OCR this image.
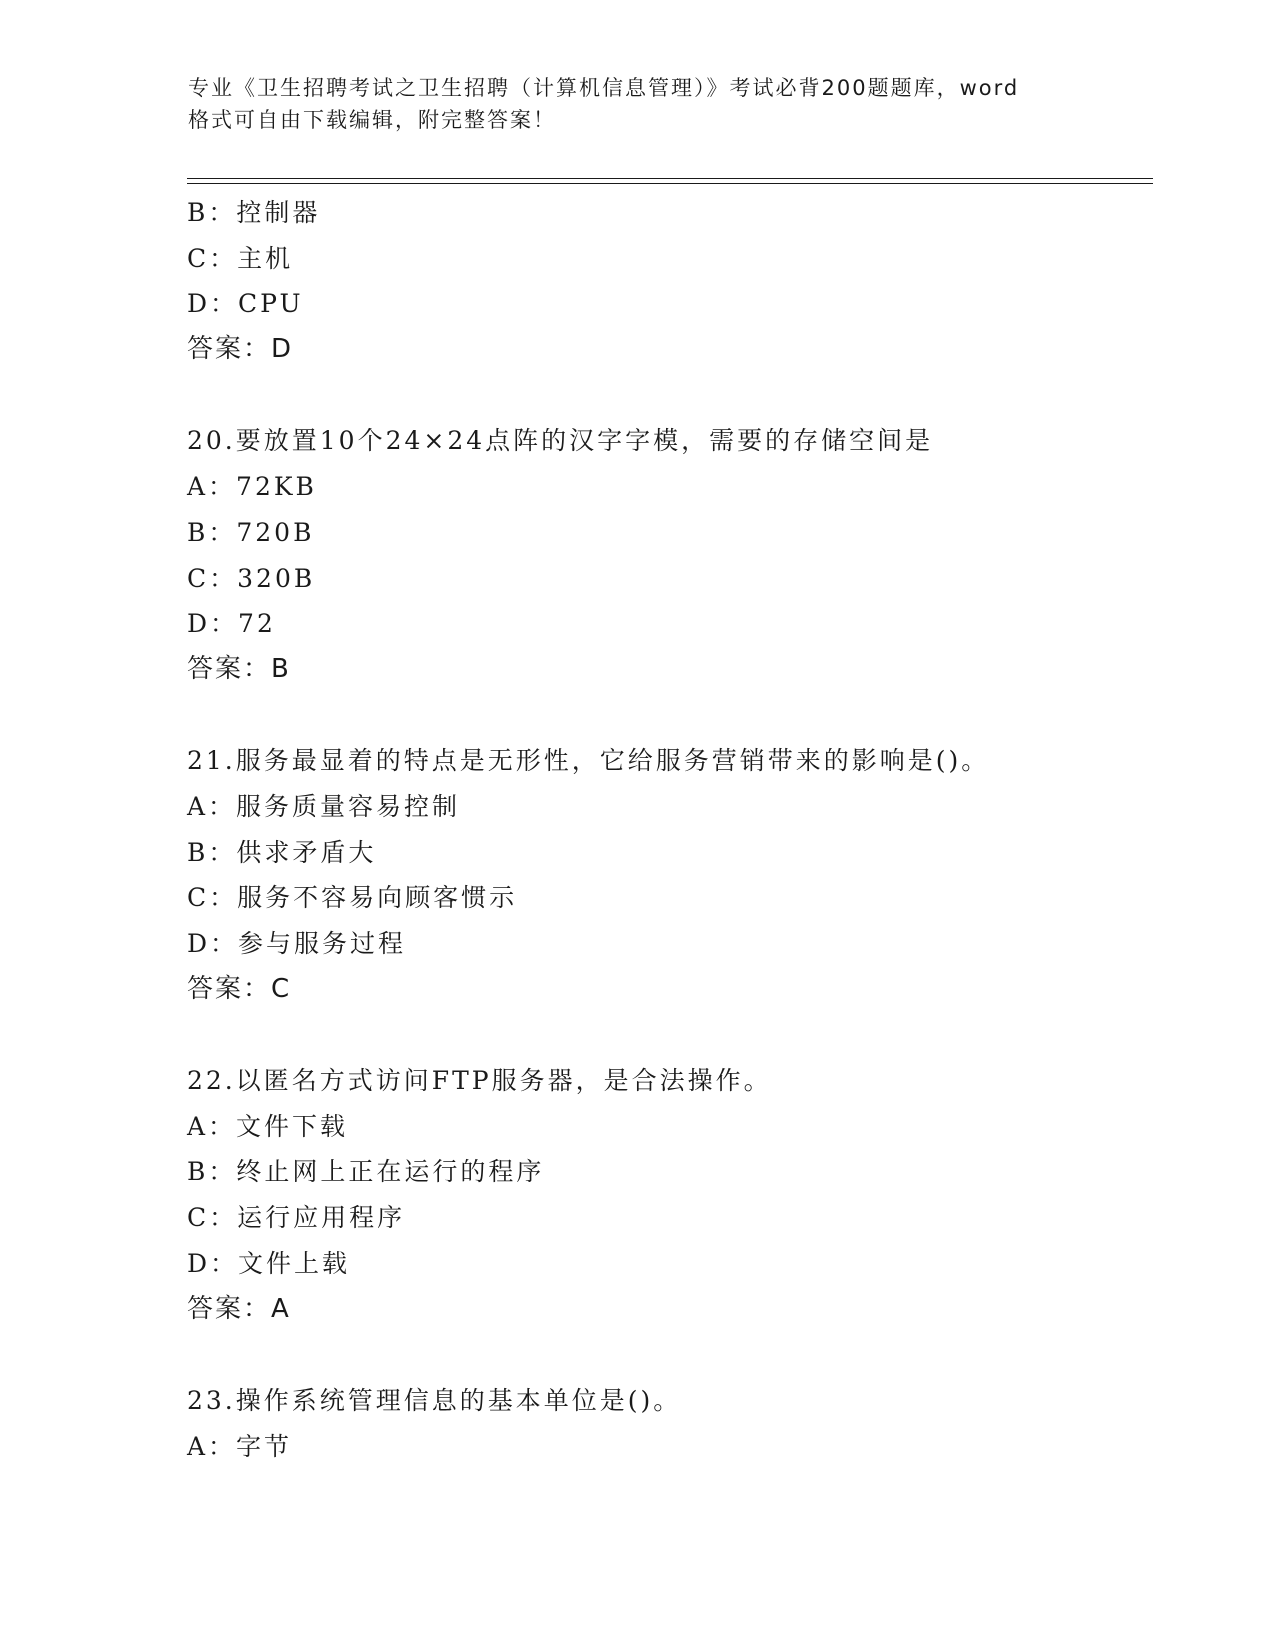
专业《卫生招聘考试之卫生招聘（计算机信息管理）》考试必背200题题库，word
格式可自由下载编辑，附完整答案！
B：控制器
C：主机
D：CPU
答案：D
20.要放置10个24×24点阵的汉字字模，需要的存储空间是
A：72KB
B：720B
C：320B
D：72
答案：B
21.服务最显着的特点是无形性，它给服务营销带来的影响是()。
A：服务质量容易控制
B：供求矛盾大
C：服务不容易向顾客惯示
D：参与服务过程
答案：C
22.以匿名方式访问FTP服务器，是合法操作。
A：文件下载
B：终止网上正在运行的程序
C：运行应用程序
D：文件上载
答案：A
23.操作系统管理信息的基本单位是()。
A：字节
